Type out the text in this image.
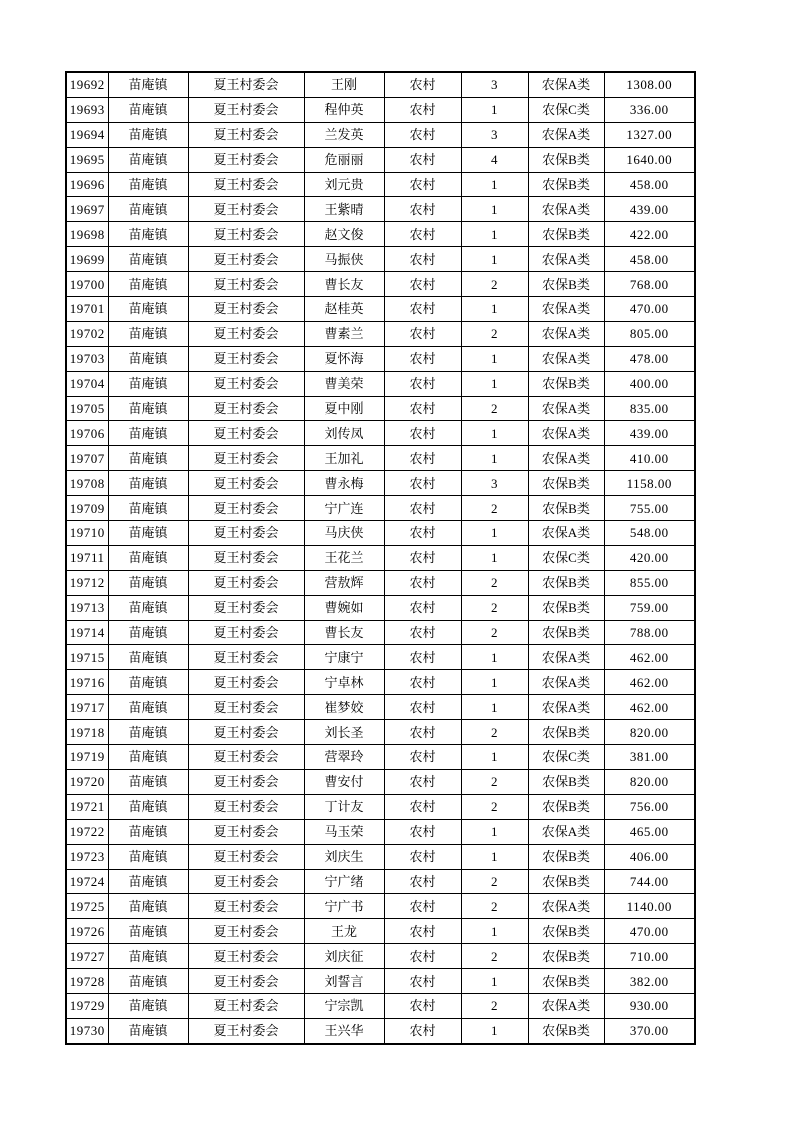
19692	苗庵镇	夏王村委会	王刚	农村	3	农保A类	1308.00
19693	苗庵镇	夏王村委会	程仲英	农村	1	农保C类	336.00
19694	苗庵镇	夏王村委会	兰发英	农村	3	农保A类	1327.00
19695	苗庵镇	夏王村委会	危丽丽	农村	4	农保B类	1640.00
19696	苗庵镇	夏王村委会	刘元贵	农村	1	农保B类	458.00
19697	苗庵镇	夏王村委会	王紫晴	农村	1	农保A类	439.00
19698	苗庵镇	夏王村委会	赵文俊	农村	1	农保B类	422.00
19699	苗庵镇	夏王村委会	马振侠	农村	1	农保A类	458.00
19700	苗庵镇	夏王村委会	曹长友	农村	2	农保B类	768.00
19701	苗庵镇	夏王村委会	赵桂英	农村	1	农保A类	470.00
19702	苗庵镇	夏王村委会	曹素兰	农村	2	农保A类	805.00
19703	苗庵镇	夏王村委会	夏怀海	农村	1	农保A类	478.00
19704	苗庵镇	夏王村委会	曹美荣	农村	1	农保B类	400.00
19705	苗庵镇	夏王村委会	夏中刚	农村	2	农保A类	835.00
19706	苗庵镇	夏王村委会	刘传凤	农村	1	农保A类	439.00
19707	苗庵镇	夏王村委会	王加礼	农村	1	农保A类	410.00
19708	苗庵镇	夏王村委会	曹永梅	农村	3	农保B类	1158.00
19709	苗庵镇	夏王村委会	宁广连	农村	2	农保B类	755.00
19710	苗庵镇	夏王村委会	马庆侠	农村	1	农保A类	548.00
19711	苗庵镇	夏王村委会	王花兰	农村	1	农保C类	420.00
19712	苗庵镇	夏王村委会	营敖辉	农村	2	农保B类	855.00
19713	苗庵镇	夏王村委会	曹婉如	农村	2	农保B类	759.00
19714	苗庵镇	夏王村委会	曹长友	农村	2	农保B类	788.00
19715	苗庵镇	夏王村委会	宁康宁	农村	1	农保A类	462.00
19716	苗庵镇	夏王村委会	宁卓林	农村	1	农保A类	462.00
19717	苗庵镇	夏王村委会	崔梦姣	农村	1	农保A类	462.00
19718	苗庵镇	夏王村委会	刘长圣	农村	2	农保B类	820.00
19719	苗庵镇	夏王村委会	营翠玲	农村	1	农保C类	381.00
19720	苗庵镇	夏王村委会	曹安付	农村	2	农保B类	820.00
19721	苗庵镇	夏王村委会	丁计友	农村	2	农保B类	756.00
19722	苗庵镇	夏王村委会	马玉荣	农村	1	农保A类	465.00
19723	苗庵镇	夏王村委会	刘庆生	农村	1	农保B类	406.00
19724	苗庵镇	夏王村委会	宁广绪	农村	2	农保B类	744.00
19725	苗庵镇	夏王村委会	宁广书	农村	2	农保A类	1140.00
19726	苗庵镇	夏王村委会	王龙	农村	1	农保B类	470.00
19727	苗庵镇	夏王村委会	刘庆征	农村	2	农保B类	710.00
19728	苗庵镇	夏王村委会	刘誓言	农村	1	农保B类	382.00
19729	苗庵镇	夏王村委会	宁宗凯	农村	2	农保A类	930.00
19730	苗庵镇	夏王村委会	王兴华	农村	1	农保B类	370.00
